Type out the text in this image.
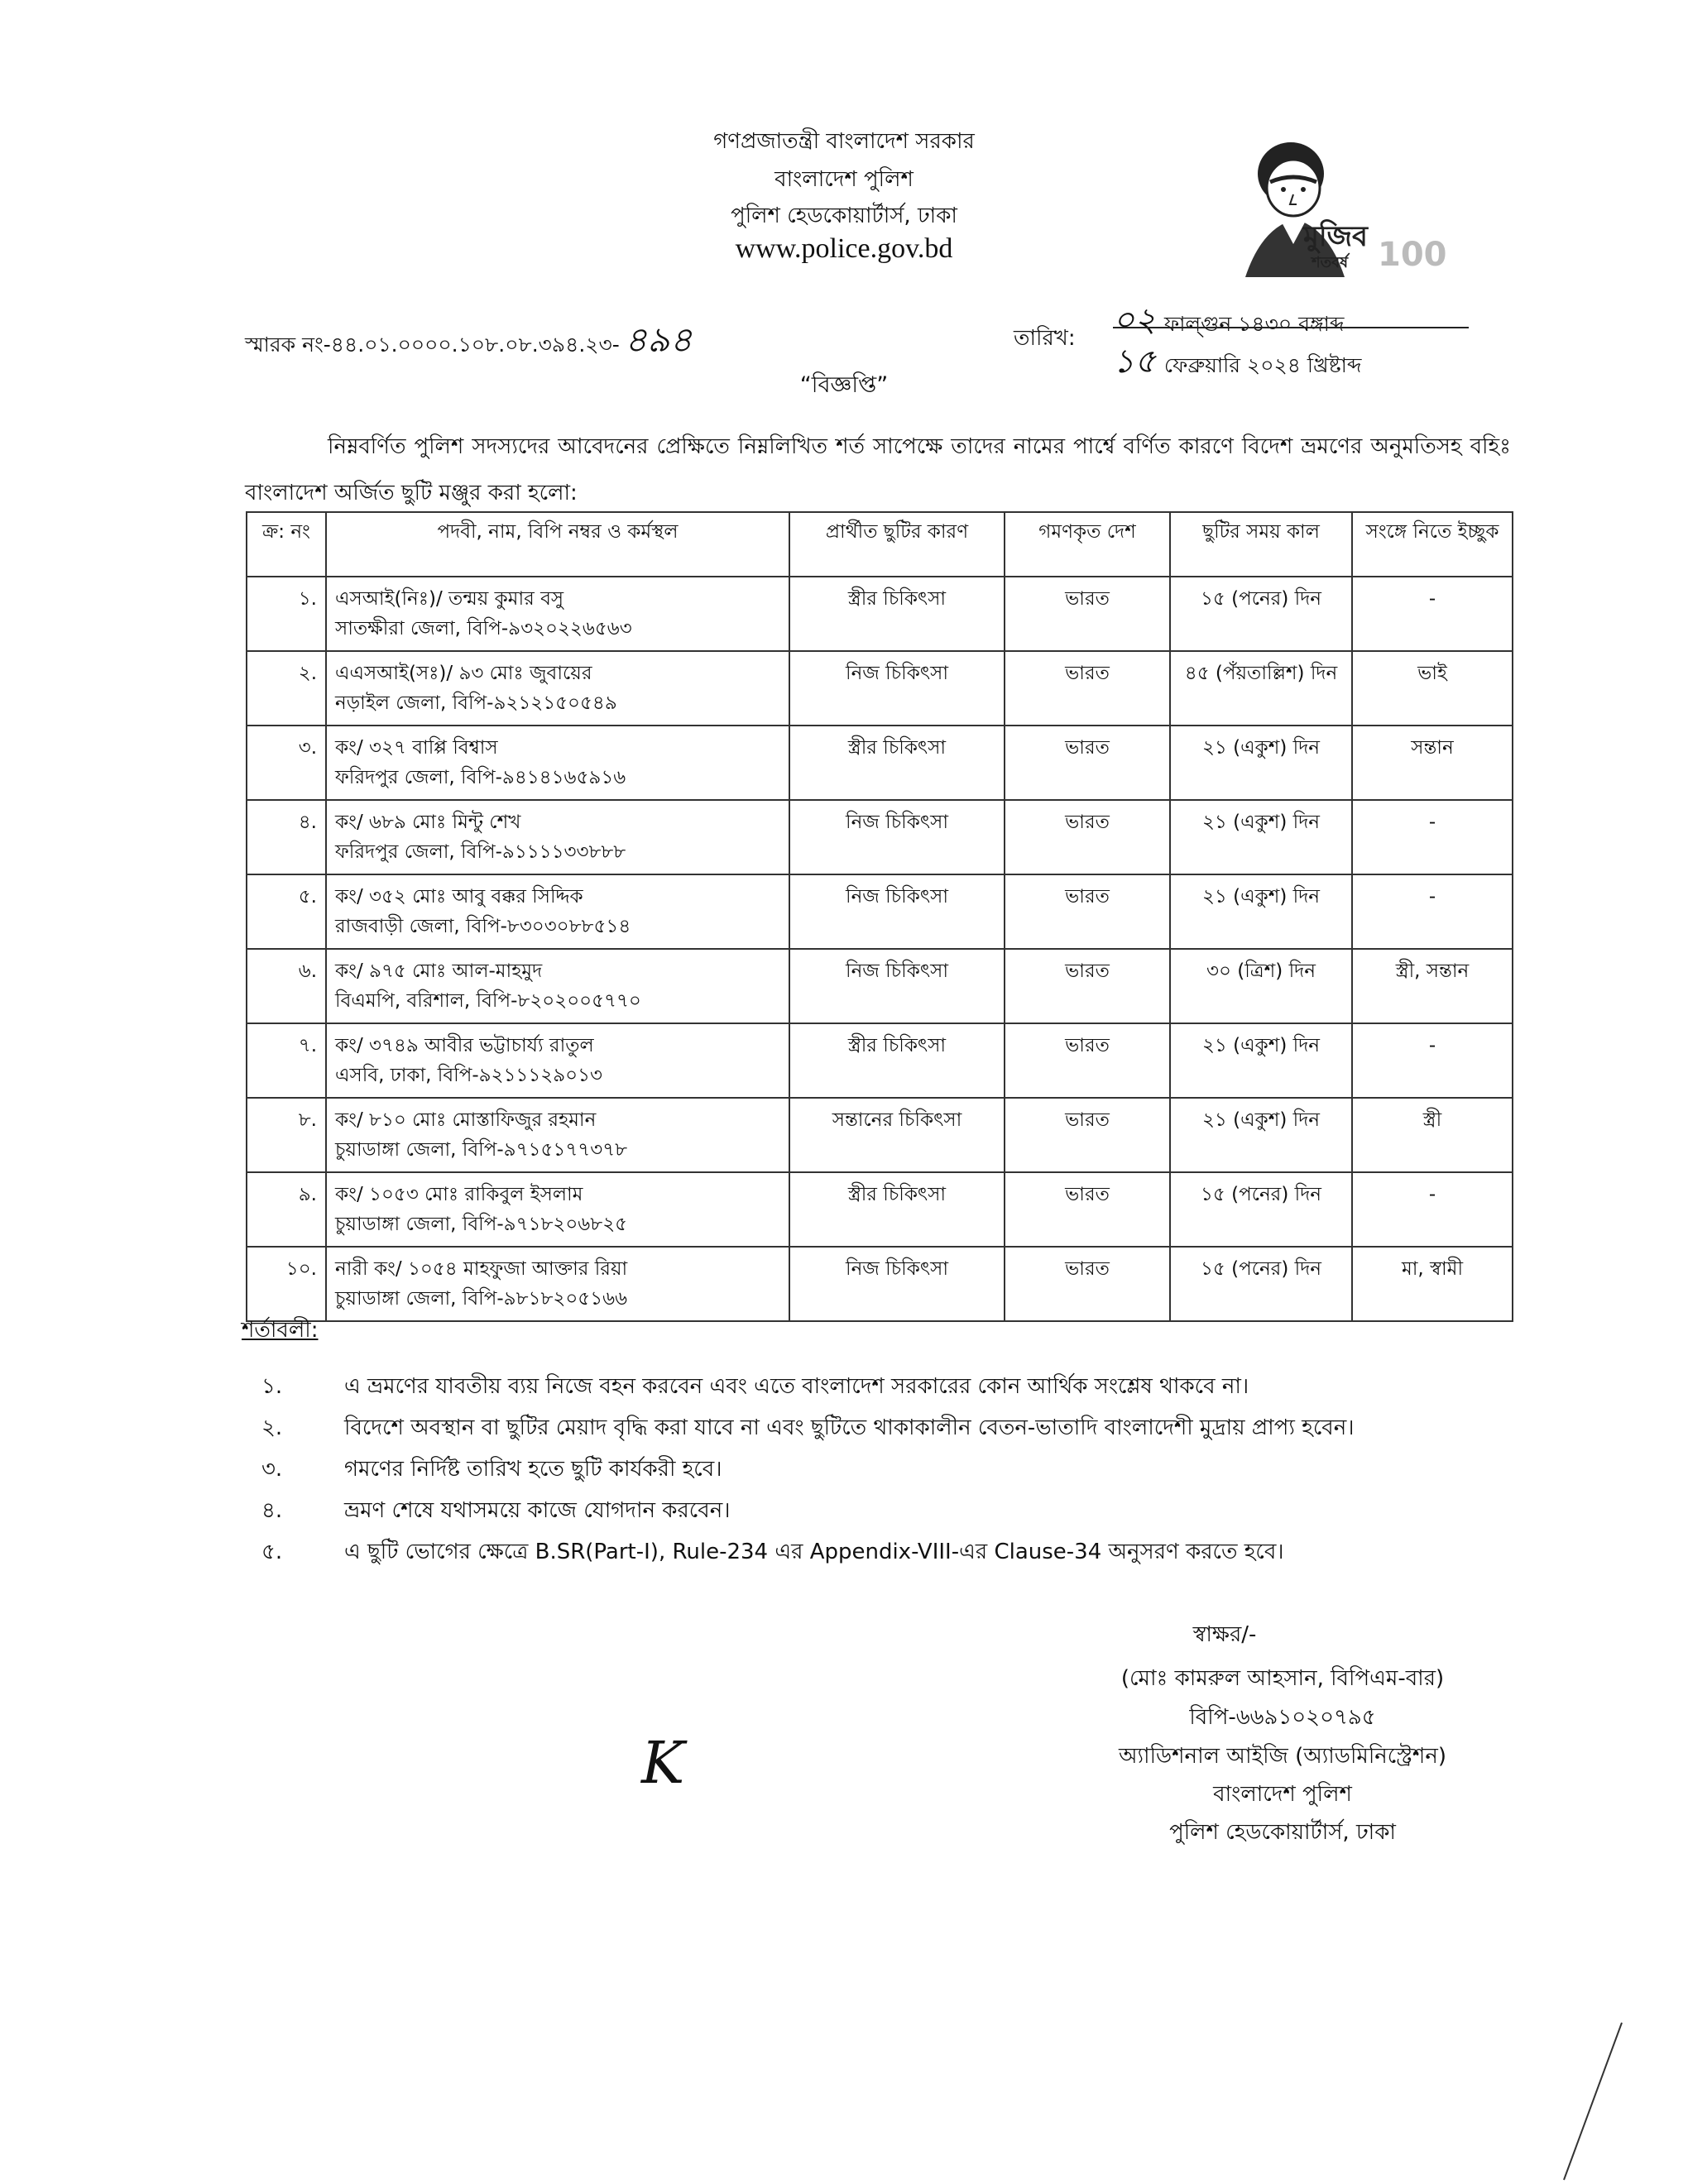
গণপ্রজাতন্ত্রী বাংলাদেশ সরকার
বাংলাদেশ পুলিশ
পুলিশ হেডকোয়ার্টার্স, ঢাকা
www.police.gov.bd	মুজিব
শতবর্ষ 100
স্মারক নং-৪৪.০১.০০০০.১০৮.০৮.৩৯৪.২৩- ৪৯৪	তারিখ: ০২ ফাল্গুন ১৪৩০ বঙ্গাব্দ
১৫ ফেব্রুয়ারি ২০২৪ খ্রিষ্টাব্দ
“বিজ্ঞপ্তি”

নিম্নবর্ণিত পুলিশ সদস্যদের আবেদনের প্রেক্ষিতে নিম্নলিখিত শর্ত সাপেক্ষে তাদের নামের পার্শ্বে বর্ণিত কারণে বিদেশ ভ্রমণের অনুমতিসহ বহিঃ বাংলাদেশ অর্জিত ছুটি মঞ্জুর করা হলো:

ক্র: নং	পদবী, নাম, বিপি নম্বর ও কর্মস্থল	প্রার্থীত ছুটির কারণ	গমণকৃত দেশ	ছুটির সময় কাল	সংঙ্গে নিতে ইচ্ছুক
১.	এসআই(নিঃ)/ তন্ময় কুমার বসু
সাতক্ষীরা জেলা, বিপি-৯৩২০২২৬৫৬৩	স্ত্রীর চিকিৎসা	ভারত	১৫ (পনের) দিন	-
২.	এএসআই(সঃ)/ ৯৩ মোঃ জুবায়ের
নড়াইল জেলা, বিপি-৯২১২১৫০৫৪৯	নিজ চিকিৎসা	ভারত	৪৫ (পঁয়তাল্লিশ) দিন	ভাই
৩.	কং/ ৩২৭ বাপ্পি বিশ্বাস
ফরিদপুর জেলা, বিপি-৯৪১৪১৬৫৯১৬	স্ত্রীর চিকিৎসা	ভারত	২১ (একুশ) দিন	সন্তান
৪.	কং/ ৬৮৯ মোঃ মিন্টু শেখ
ফরিদপুর জেলা, বিপি-৯১১১১৩৩৮৮৮	নিজ চিকিৎসা	ভারত	২১ (একুশ) দিন	-
৫.	কং/ ৩৫২ মোঃ আবু বক্কর সিদ্দিক
রাজবাড়ী জেলা, বিপি-৮৩০৩০৮৮৫১৪	নিজ চিকিৎসা	ভারত	২১ (একুশ) দিন	-
৬.	কং/ ৯৭৫ মোঃ আল-মাহমুদ
বিএমপি, বরিশাল, বিপি-৮২০২০০৫৭৭০	নিজ চিকিৎসা	ভারত	৩০ (ত্রিশ) দিন	স্ত্রী, সন্তান
৭.	কং/ ৩৭৪৯ আবীর ভট্টাচার্য্য রাতুল
এসবি, ঢাকা, বিপি-৯২১১১২৯০১৩	স্ত্রীর চিকিৎসা	ভারত	২১ (একুশ) দিন	-
৮.	কং/ ৮১০ মোঃ মোস্তাফিজুর রহমান
চুয়াডাঙ্গা জেলা, বিপি-৯৭১৫১৭৭৩৭৮	সন্তানের চিকিৎসা	ভারত	২১ (একুশ) দিন	স্ত্রী
৯.	কং/ ১০৫৩ মোঃ রাকিবুল ইসলাম
চুয়াডাঙ্গা জেলা, বিপি-৯৭১৮২০৬৮২৫	স্ত্রীর চিকিৎসা	ভারত	১৫ (পনের) দিন	-
১০.	নারী কং/ ১০৫৪ মাহফুজা আক্তার রিয়া
চুয়াডাঙ্গা জেলা, বিপি-৯৮১৮২০৫১৬৬	নিজ চিকিৎসা	ভারত	১৫ (পনের) দিন	মা, স্বামী
শর্তাবলী:
১.	এ ভ্রমণের যাবতীয় ব্যয় নিজে বহন করবেন এবং এতে বাংলাদেশ সরকারের কোন আর্থিক সংশ্লেষ থাকবে না।
২.	বিদেশে অবস্থান বা ছুটির মেয়াদ বৃদ্ধি করা যাবে না এবং ছুটিতে থাকাকালীন বেতন-ভাতাদি বাংলাদেশী মুদ্রায় প্রাপ্য হবেন।
৩.	গমণের নির্দিষ্ট তারিখ হতে ছুটি কার্যকরী হবে।
৪.	ভ্রমণ শেষে যথাসময়ে কাজে যোগদান করবেন।
৫.	এ ছুটি ভোগের ক্ষেত্রে B.SR(Part-I), Rule-234 এর Appendix-VIII-এর Clause-34 অনুসরণ করতে হবে।
স্বাক্ষর/-
(মোঃ কামরুল আহসান, বিপিএম-বার)
বিপি-৬৬৯১০২০৭৯৫
অ্যাডিশনাল আইজি (অ্যাডমিনিস্ট্রেশন)
বাংলাদেশ পুলিশ
পুলিশ হেডকোয়ার্টার্স, ঢাকা
K
